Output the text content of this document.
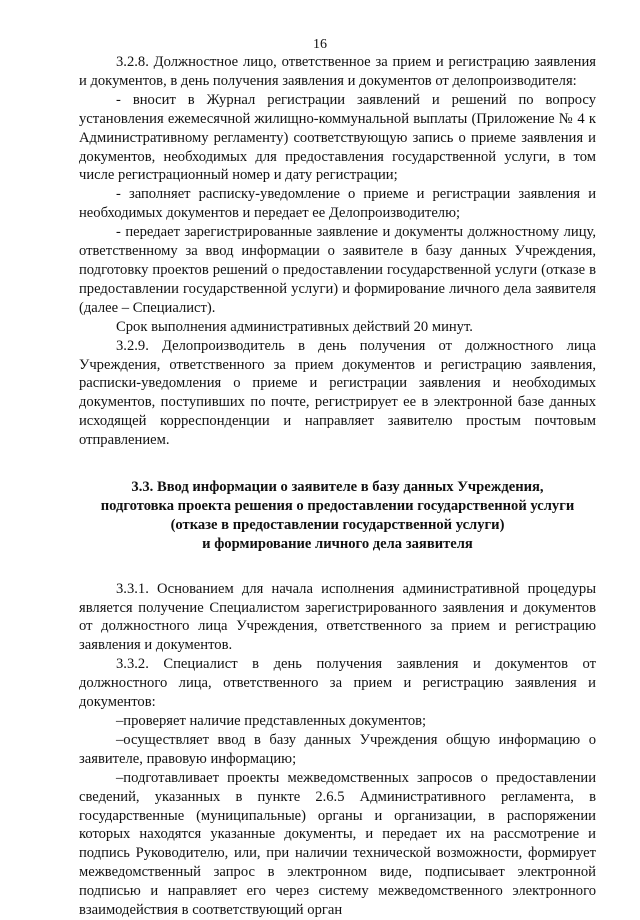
16

3.2.8. Должностное лицо, ответственное за прием и регистрацию заявления и документов, в день получения заявления и документов от делопроизводителя:

- вносит в Журнал регистрации заявлений и решений по вопросу установления ежемесячной жилищно-коммунальной выплаты (Приложение № 4 к Административному регламенту) соответствующую запись о приеме заявления и документов, необходимых для предоставления государственной услуги, в том числе регистрационный номер и дату регистрации;

- заполняет расписку-уведомление о приеме и регистрации заявления и необходимых документов и передает ее Делопроизводителю;

- передает зарегистрированные заявление и документы должностному лицу, ответственному за ввод информации о заявителе в базу данных Учреждения, подготовку проектов решений о предоставлении государственной услуги (отказе в предоставлении государственной услуги) и формирование личного дела заявителя (далее – Специалист).

Срок выполнения административных действий 20 минут.

3.2.9. Делопроизводитель в день получения от должностного лица Учреждения, ответственного за прием документов и регистрацию заявления, расписки-уведомления о приеме и регистрации заявления и необходимых документов, поступивших по почте, регистрирует ее в электронной базе данных исходящей корреспонденции и направляет заявителю простым почтовым отправлением.

3.3. Ввод информации о заявителе в базу данных Учреждения,
подготовка проекта решения о предоставлении государственной услуги
(отказе в предоставлении государственной услуги)
и формирование личного дела заявителя

3.3.1. Основанием для начала исполнения административной процедуры является получение Специалистом зарегистрированного заявления и документов от должностного лица Учреждения, ответственного за прием и регистрацию заявления и документов.

3.3.2. Специалист в день получения заявления и документов от должностного лица, ответственного за прием и регистрацию заявления и документов:

–проверяет наличие представленных документов;

–осуществляет ввод в базу данных Учреждения общую информацию о заявителе, правовую информацию;

–подготавливает проекты межведомственных запросов о предоставлении сведений, указанных в пункте 2.6.5 Административного регламента, в государственные (муниципальные) органы и организации, в распоряжении которых находятся указанные документы, и передает их на рассмотрение и подпись Руководителю, или, при наличии технической возможности, формирует межведомственный запрос в электронном виде, подписывает электронной подписью и направляет его через систему межведомственного электронного взаимодействия в соответствующий орган
